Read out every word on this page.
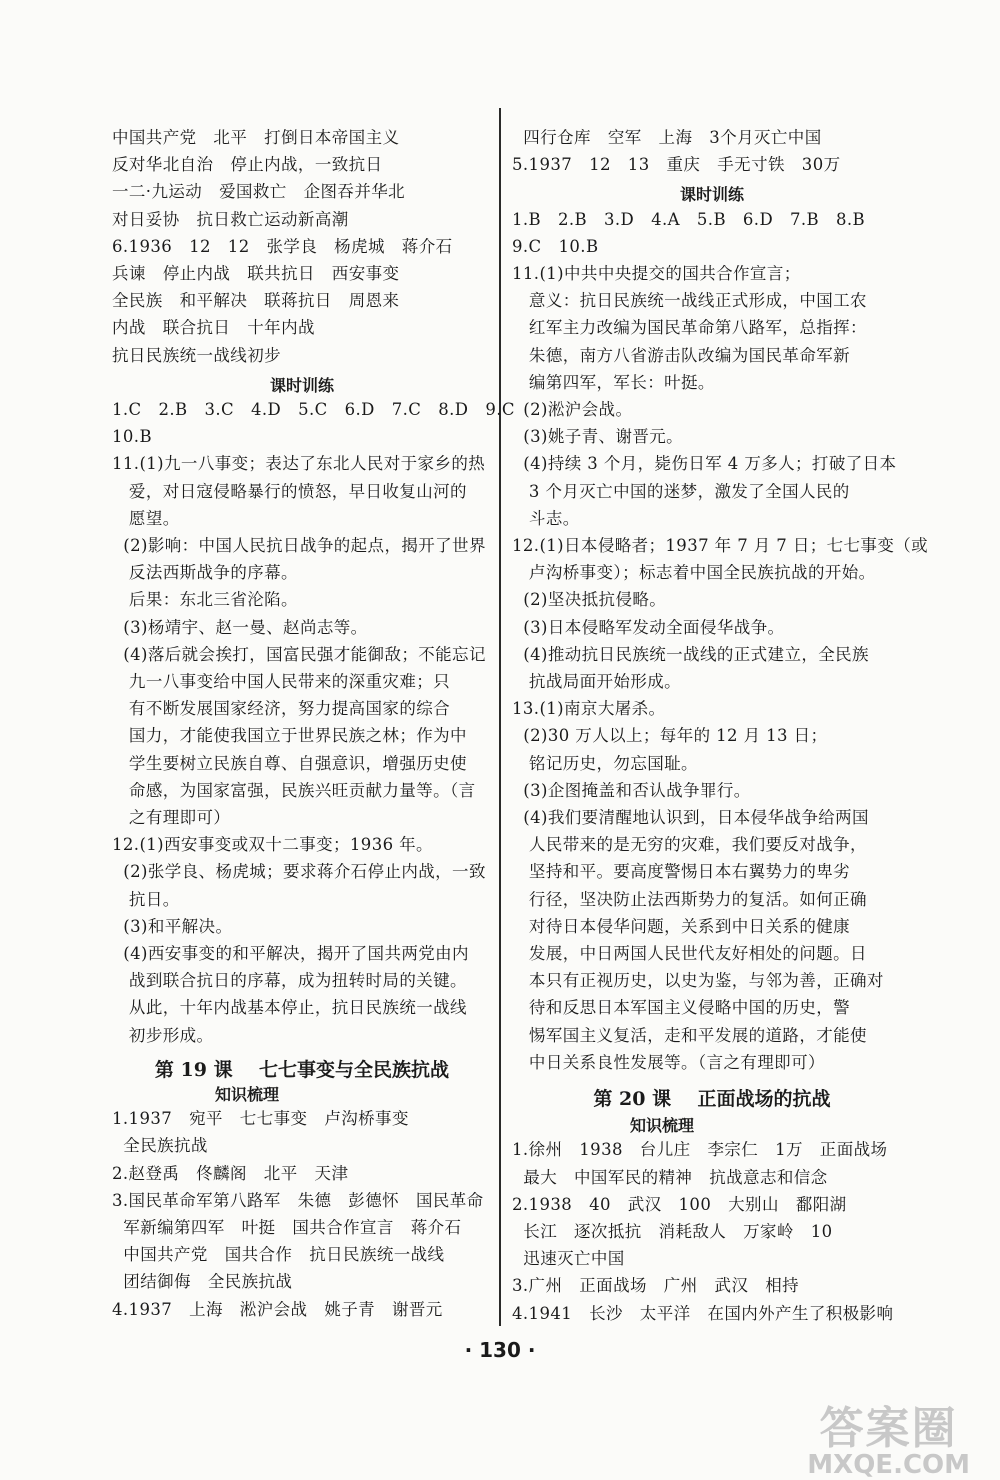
中国共产党   北平   打倒日本帝国主义
反对华北自治   停止内战，一致抗日
一二·九运动   爱国救亡   企图吞并华北
对日妥协   抗日救亡运动新高潮
6.1936   12   12   张学良   杨虎城   蒋介石
兵谏   停止内战   联共抗日   西安事变
全民族   和平解决   联蒋抗日   周恩来
内战   联合抗日   十年内战
抗日民族统一战线初步
课时训练
1.C   2.B   3.C   4.D   5.C   6.D   7.C   8.D   9.C
10.B
11.(1)九一八事变；表达了东北人民对于家乡的热
爱，对日寇侵略暴行的愤怒，早日收复山河的
愿望。
(2)影响：中国人民抗日战争的起点，揭开了世界
反法西斯战争的序幕。
后果：东北三省沦陷。
(3)杨靖宇、赵一曼、赵尚志等。
(4)落后就会挨打，国富民强才能御敌；不能忘记
九一八事变给中国人民带来的深重灾难；只
有不断发展国家经济，努力提高国家的综合
国力，才能使我国立于世界民族之林；作为中
学生要树立民族自尊、自强意识，增强历史使
命感，为国家富强，民族兴旺贡献力量等。（言
之有理即可）
12.(1)西安事变或双十二事变；1936 年。
(2)张学良、杨虎城；要求蒋介石停止内战，一致
抗日。
(3)和平解决。
(4)西安事变的和平解决，揭开了国共两党由内
战到联合抗日的序幕，成为扭转时局的关键。
从此，十年内战基本停止，抗日民族统一战线
初步形成。
第 19 课    七七事变与全民族抗战
知识梳理
1.1937   宛平   七七事变   卢沟桥事变
全民族抗战
2.赵登禹   佟麟阁   北平   天津
3.国民革命军第八路军   朱德   彭德怀   国民革命
军新编第四军   叶挺   国共合作宣言   蒋介石
中国共产党   国共合作   抗日民族统一战线
团结御侮   全民族抗战
4.1937   上海   淞沪会战   姚子青   谢晋元
四行仓库   空军   上海   3个月灭亡中国
5.1937   12   13   重庆   手无寸铁   30万
课时训练
1.B   2.B   3.D   4.A   5.B   6.D   7.B   8.B
9.C   10.B
11.(1)中共中央提交的国共合作宣言；
意义：抗日民族统一战线正式形成，中国工农
红军主力改编为国民革命第八路军，总指挥：
朱德，南方八省游击队改编为国民革命军新
编第四军，军长：叶挺。
(2)淞沪会战。
(3)姚子青、谢晋元。
(4)持续 3 个月，毙伤日军 4 万多人；打破了日本
3 个月灭亡中国的迷梦，激发了全国人民的
斗志。
12.(1)日本侵略者；1937 年 7 月 7 日；七七事变（或
卢沟桥事变）；标志着中国全民族抗战的开始。
(2)坚决抵抗侵略。
(3)日本侵略军发动全面侵华战争。
(4)推动抗日民族统一战线的正式建立，全民族
抗战局面开始形成。
13.(1)南京大屠杀。
(2)30 万人以上；每年的 12 月 13 日；
铭记历史，勿忘国耻。
(3)企图掩盖和否认战争罪行。
(4)我们要清醒地认识到，日本侵华战争给两国
人民带来的是无穷的灾难，我们要反对战争，
坚持和平。要高度警惕日本右翼势力的卑劣
行径，坚决防止法西斯势力的复活。如何正确
对待日本侵华问题，关系到中日关系的健康
发展，中日两国人民世代友好相处的问题。日
本只有正视历史，以史为鉴，与邻为善，正确对
待和反思日本军国主义侵略中国的历史，警
惕军国主义复活，走和平发展的道路，才能使
中日关系良性发展等。（言之有理即可）
第 20 课    正面战场的抗战
知识梳理
1.徐州   1938   台儿庄   李宗仁   1万   正面战场
最大   中国军民的精神   抗战意志和信念
2.1938   40   武汉   100   大别山   鄱阳湖
长江   逐次抵抗   消耗敌人   万家岭   10
迅速灭亡中国
3.广州   正面战场   广州   武汉   相持
4.1941   长沙   太平洋   在国内外产生了积极影响
· 130 ·
答案圈
MXQE.COM
